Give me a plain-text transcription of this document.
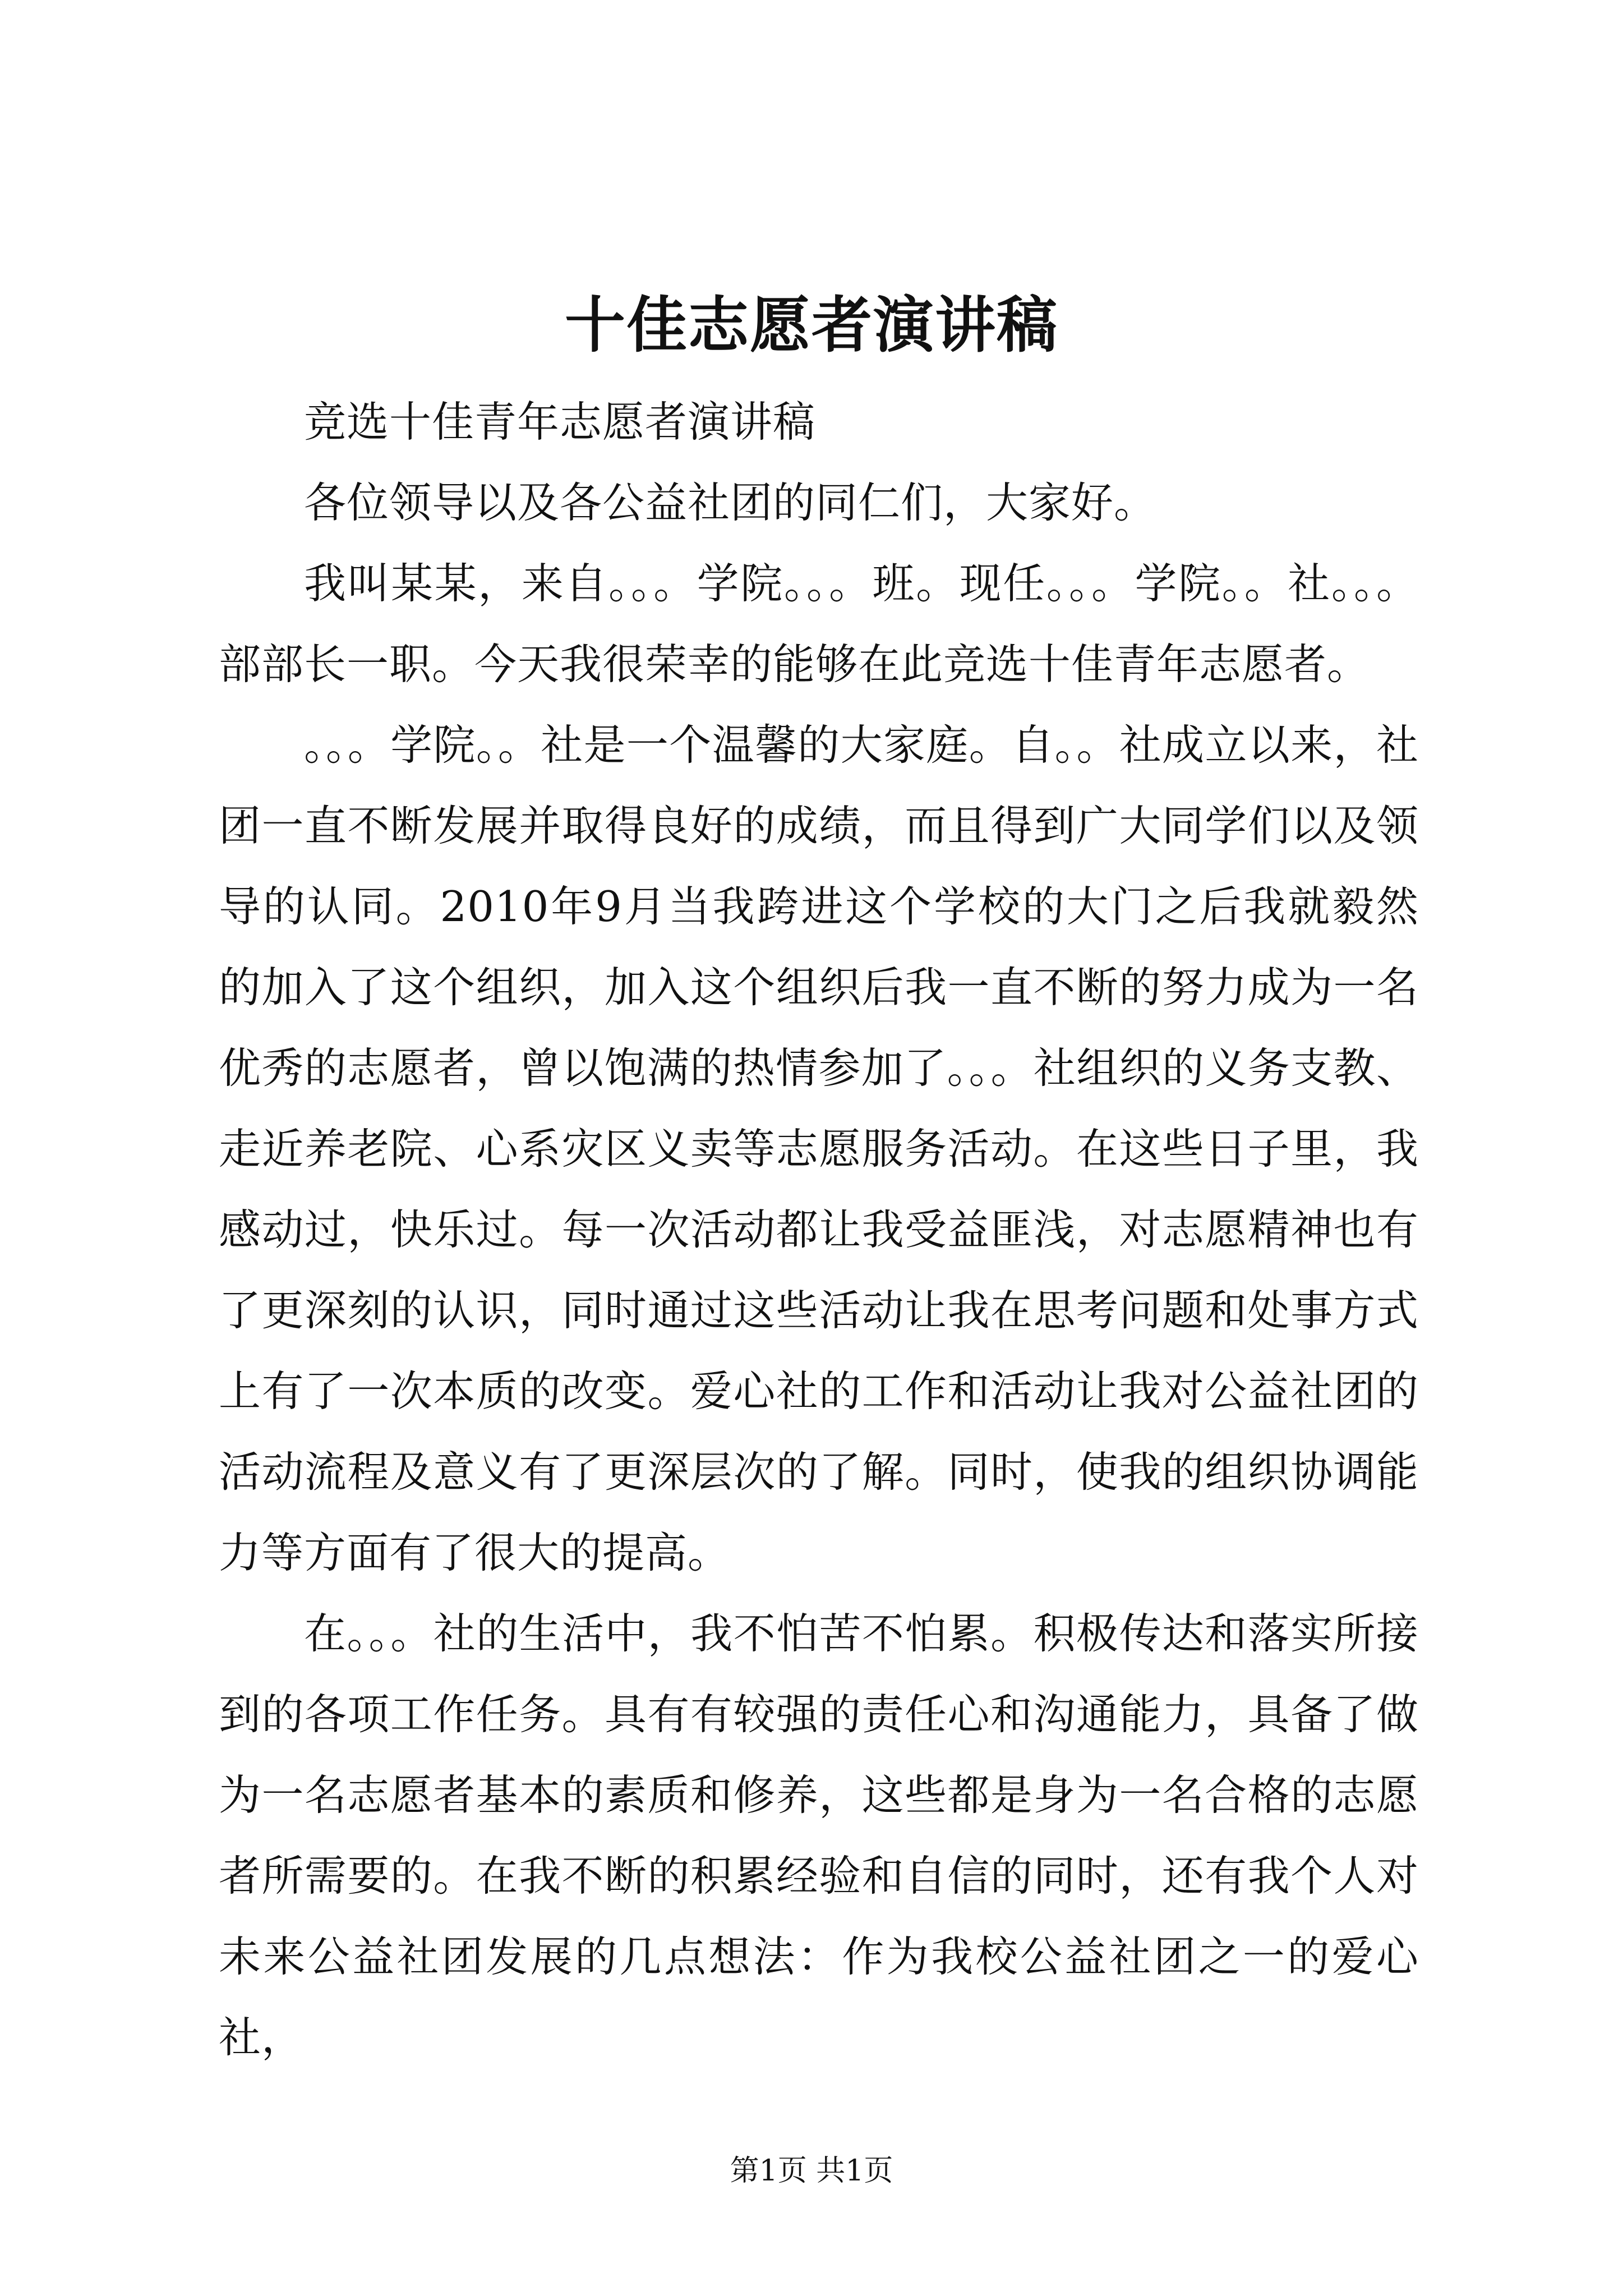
十佳志愿者演讲稿

竞选十佳青年志愿者演讲稿

各位领导以及各公益社团的同仁们，大家好。

我叫某某，来自。。。学院。。。班。现任。。。学院。。社。。。部部长一职。今天我很荣幸的能够在此竞选十佳青年志愿者。

。。。学院。。社是一个温馨的大家庭。自。。社成立以来，社团一直不断发展并取得良好的成绩，而且得到广大同学们以及领导的认同。2010年9月当我跨进这个学校的大门之后我就毅然的加入了这个组织，加入这个组织后我一直不断的努力成为一名优秀的志愿者，曾以饱满的热情参加了。。。社组织的义务支教、走近养老院、心系灾区义卖等志愿服务活动。在这些日子里，我感动过，快乐过。每一次活动都让我受益匪浅，对志愿精神也有了更深刻的认识，同时通过这些活动让我在思考问题和处事方式上有了一次本质的改变。爱心社的工作和活动让我对公益社团的活动流程及意义有了更深层次的了解。同时，使我的组织协调能力等方面有了很大的提高。

在。。。社的生活中，我不怕苦不怕累。积极传达和落实所接到的各项工作任务。具有有较强的责任心和沟通能力，具备了做为一名志愿者基本的素质和修养，这些都是身为一名合格的志愿者所需要的。在我不断的积累经验和自信的同时，还有我个人对未来公益社团发展的几点想法：作为我校公益社团之一的爱心社，

第1页 共1页
